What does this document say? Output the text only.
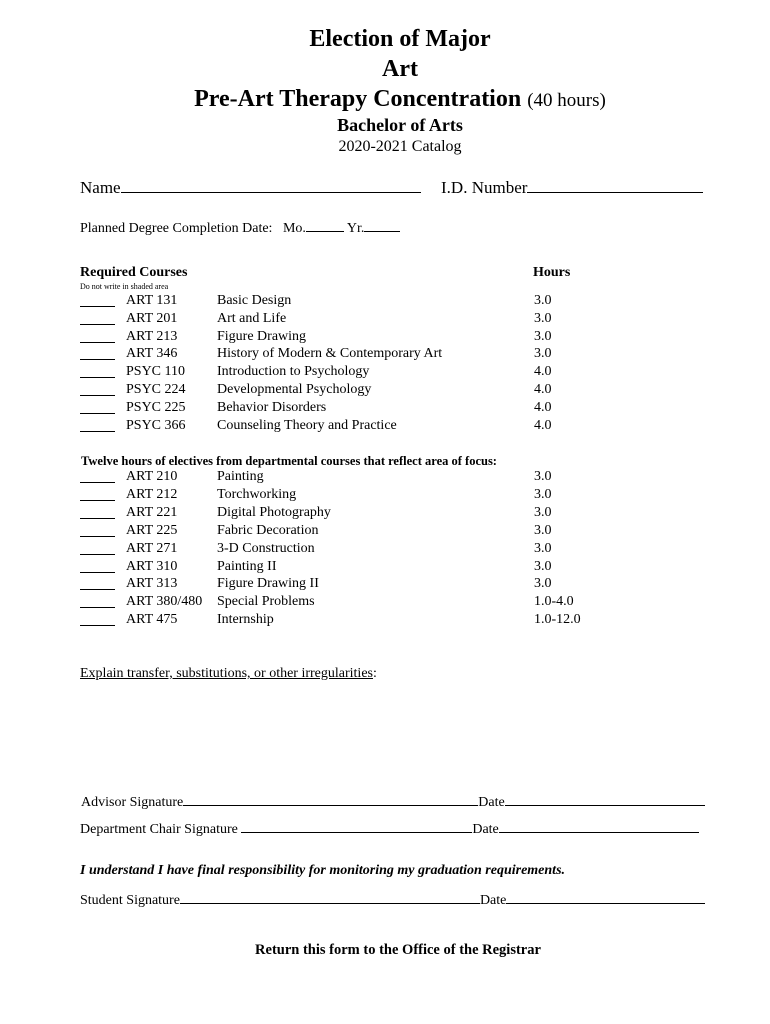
Election of Major
Art
Pre-Art Therapy Concentration (40 hours)
Bachelor of Arts
2020-2021 Catalog
Name	I.D. Number
Planned Degree Completion Date: Mo.	Yr.
Required Courses
Do not write in shaded area
Hours
ART 131	Basic Design	3.0
ART 201	Art and Life	3.0
ART 213	Figure Drawing	3.0
ART 346	History of Modern & Contemporary Art	3.0
PSYC 110 Introduction to Psychology	4.0
PSYC 224 Developmental Psychology	4.0
PSYC 225 Behavior Disorders	4.0
PSYC 366 Counseling Theory and Practice	4.0
Twelve hours of electives from departmental courses that reflect area of focus:
ART 210	Painting	3.0
ART 212	Torchworking	3.0
ART 221	Digital Photography	3.0
ART 225	Fabric Decoration	3.0
ART 271	3-D Construction	3.0
ART 310	Painting II	3.0
ART 313	Figure Drawing II	3.0
ART 380/480 Special Problems	1.0-4.0
ART 475	Internship	1.0-12.0
Explain transfer, substitutions, or other irregularities:
Advisor Signature	Date
Department Chair Signature	Date
I understand I have final responsibility for monitoring my graduation requirements.
Student Signature	Date
Return this form to the Office of the Registrar
